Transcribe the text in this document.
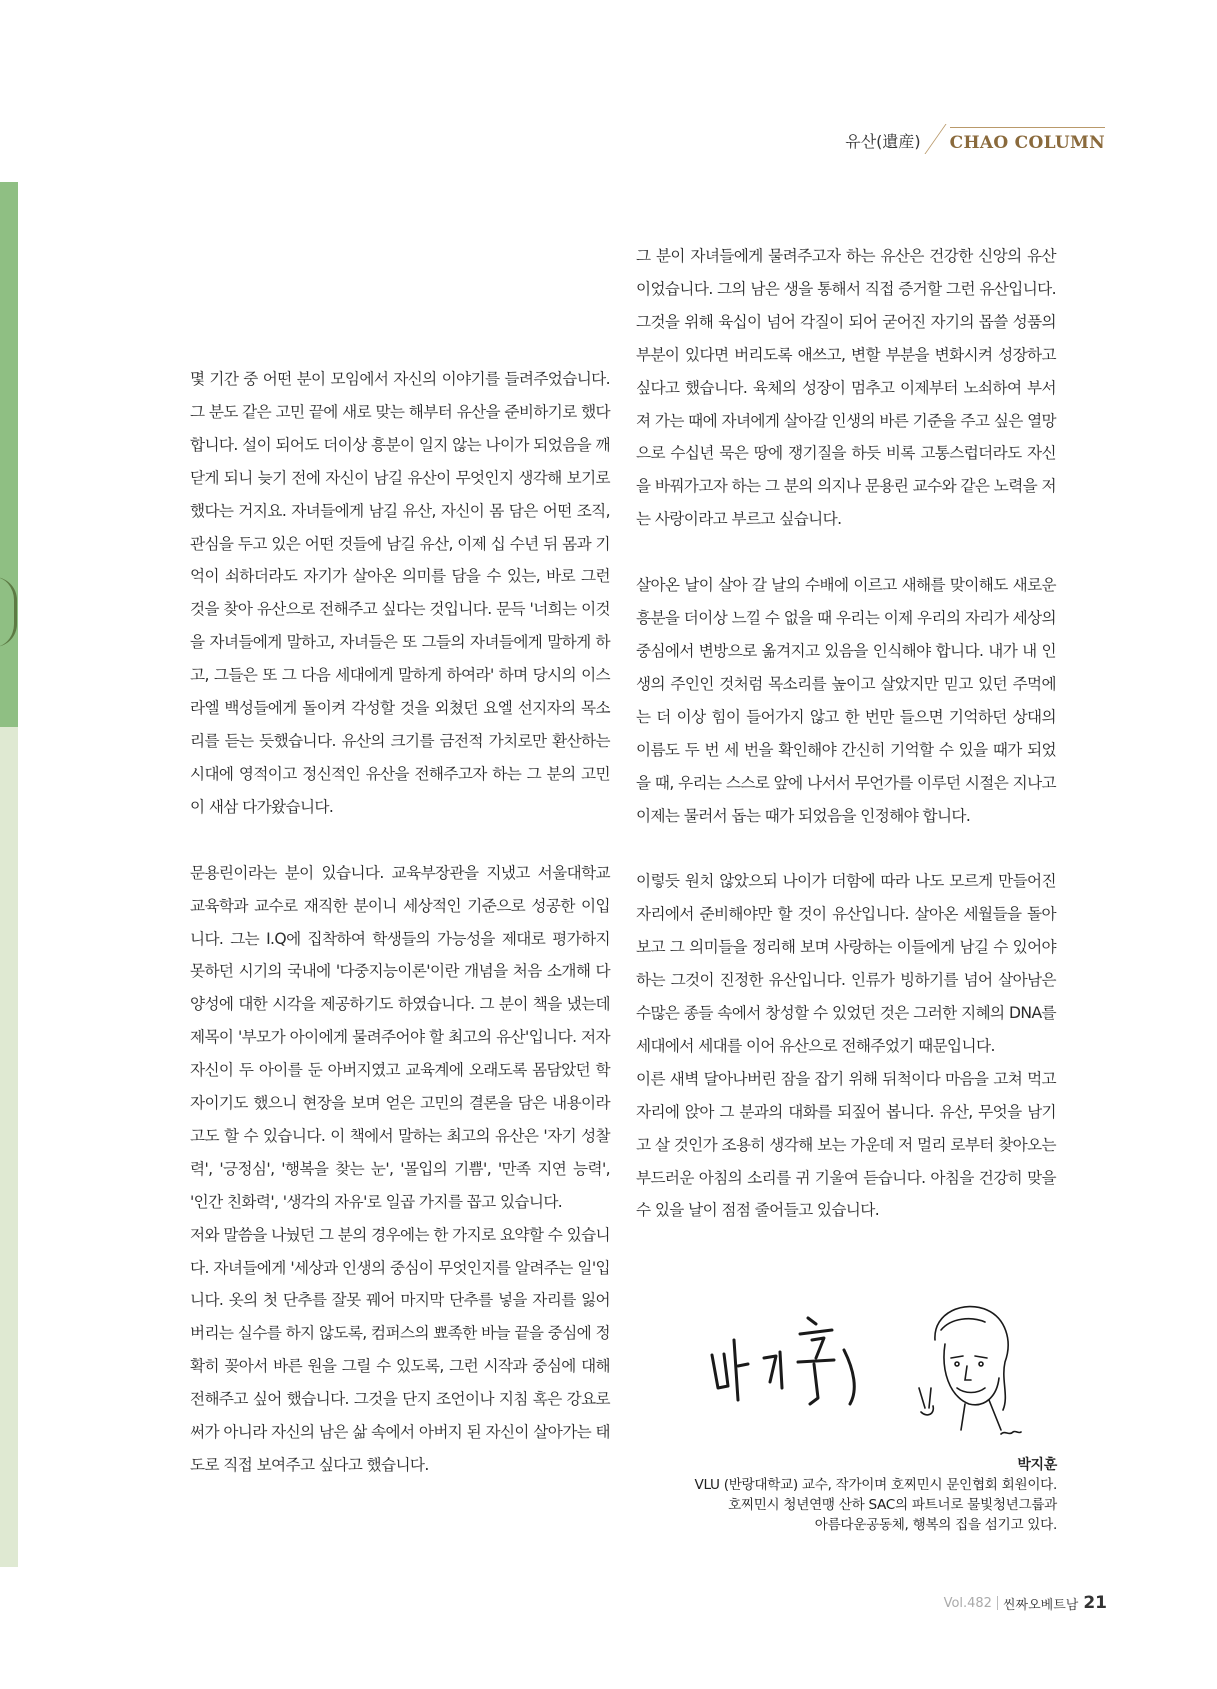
유산(遺産)	CHAO COLUMN

몇 기간 중 어떤 분이 모임에서 자신의 이야기를 들려주었습니다. 그 분도 같은 고민 끝에 새로 맞는 해부터 유산을 준비하기로 했다 합니다. 설이 되어도 더이상 흥분이 일지 않는 나이가 되었음을 깨닫게 되니 늦기 전에 자신이 남길 유산이 무엇인지 생각해 보기로 했다는 거지요. 자녀들에게 남길 유산, 자신이 몸 담은 어떤 조직, 관심을 두고 있은 어떤 것들에 남길 유산, 이제 십 수년 뒤 몸과 기억이 쇠하더라도 자기가 살아온 의미를 담을 수 있는, 바로 그런 것을 찾아 유산으로 전해주고 싶다는 것입니다. 문득 '너희는 이것을 자녀들에게 말하고, 자녀들은 또 그들의 자녀들에게 말하게 하고, 그들은 또 그 다음 세대에게 말하게 하여라' 하며 당시의 이스라엘 백성들에게 돌이켜 각성할 것을 외쳤던 요엘 선지자의 목소리를 듣는 듯했습니다. 유산의 크기를 금전적 가치로만 환산하는 시대에 영적이고 정신적인 유산을 전해주고자 하는 그 분의 고민이 새삼 다가왔습니다.

문용린이라는 분이 있습니다. 교육부장관을 지냈고 서울대학교 교육학과 교수로 재직한 분이니 세상적인 기준으로 성공한 이입니다. 그는 I.Q에 집착하여 학생들의 가능성을 제대로 평가하지 못하던 시기의 국내에 '다중지능이론'이란 개념을 처음 소개해 다양성에 대한 시각을 제공하기도 하였습니다. 그 분이 책을 냈는데 제목이 '부모가 아이에게 물려주어야 할 최고의 유산'입니다. 저자 자신이 두 아이를 둔 아버지였고 교육계에 오래도록 몸담았던 학자이기도 했으니 현장을 보며 얻은 고민의 결론을 담은 내용이라고도 할 수 있습니다. 이 책에서 말하는 최고의 유산은 '자기 성찰력', '긍정심', '행복을 찾는 눈', '몰입의 기쁨', '만족 지연 능력', '인간 친화력', '생각의 자유'로 일곱 가지를 꼽고 있습니다.

저와 말씀을 나눴던 그 분의 경우에는 한 가지로 요약할 수 있습니다. 자녀들에게 '세상과 인생의 중심이 무엇인지를 알려주는 일'입니다. 옷의 첫 단추를 잘못 꿰어 마지막 단추를 넣을 자리를 잃어버리는 실수를 하지 않도록, 컴퍼스의 뾰족한 바늘 끝을 중심에 정확히 꽂아서 바른 원을 그릴 수 있도록, 그런 시작과 중심에 대해 전해주고 싶어 했습니다. 그것을 단지 조언이나 지침 혹은 강요로써가 아니라 자신의 남은 삶 속에서 아버지 된 자신이 살아가는 태도로 직접 보여주고 싶다고 했습니다.

그 분이 자녀들에게 물려주고자 하는 유산은 건강한 신앙의 유산이었습니다. 그의 남은 생을 통해서 직접 증거할 그런 유산입니다. 그것을 위해 육십이 넘어 각질이 되어 굳어진 자기의 몹쓸 성품의 부분이 있다면 버리도록 애쓰고, 변할 부분을 변화시켜 성장하고 싶다고 했습니다. 육체의 성장이 멈추고 이제부터 노쇠하여 부서져 가는 때에 자녀에게 살아갈 인생의 바른 기준을 주고 싶은 열망으로 수십년 묵은 땅에 쟁기질을 하듯 비록 고통스럽더라도 자신을 바꿔가고자 하는 그 분의 의지나 문용린 교수와 같은 노력을 저는 사랑이라고 부르고 싶습니다.

살아온 날이 살아 갈 날의 수배에 이르고 새해를 맞이해도 새로운 흥분을 더이상 느낄 수 없을 때 우리는 이제 우리의 자리가 세상의 중심에서 변방으로 옮겨지고 있음을 인식해야 합니다. 내가 내 인생의 주인인 것처럼 목소리를 높이고 살았지만 믿고 있던 주먹에는 더 이상 힘이 들어가지 않고 한 번만 들으면 기억하던 상대의 이름도 두 번 세 번을 확인해야 간신히 기억할 수 있을 때가 되었을 때, 우리는 스스로 앞에 나서서 무언가를 이루던 시절은 지나고 이제는 물러서 돕는 때가 되었음을 인정해야 합니다.

이렇듯 원치 않았으되 나이가 더함에 따라 나도 모르게 만들어진 자리에서 준비해야만 할 것이 유산입니다. 살아온 세월들을 돌아보고 그 의미들을 정리해 보며 사랑하는 이들에게 남길 수 있어야 하는 그것이 진정한 유산입니다. 인류가 빙하기를 넘어 살아남은 수많은 종들 속에서 창성할 수 있었던 것은 그러한 지혜의 DNA를 세대에서 세대를 이어 유산으로 전해주었기 때문입니다.

이른 새벽 달아나버린 잠을 잡기 위해 뒤척이다 마음을 고쳐 먹고 자리에 앉아 그 분과의 대화를 되짚어 봅니다. 유산, 무엇을 남기고 살 것인가 조용히 생각해 보는 가운데 저 멀리 로부터 찾아오는 부드러운 아침의 소리를 귀 기울여 듣습니다. 아침을 건강히 맞을 수 있을 날이 점점 줄어들고 있습니다.

박지훈

VLU (반랑대학교) 교수, 작가이며 호찌민시 문인협회 회원이다.

호찌민시 청년연맹 산하 SAC의 파트너로 물빛청년그룹과

아름다운공동체, 행복의 집을 섬기고 있다.

Vol.482 씬짜오베트남 21
